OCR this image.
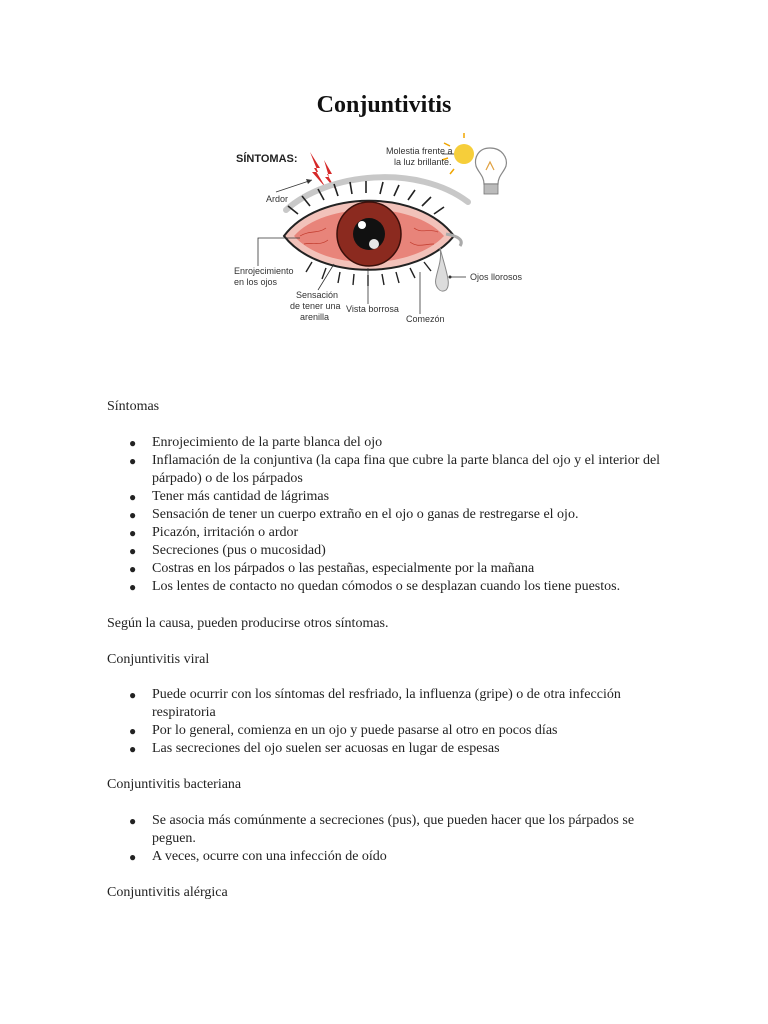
Conjuntivitis
SÍNTOMAS:
Molestia frente a
la luz brillante.
Ardor
Enrojecimiento
en los ojos
Sensación
de tener una
arenilla
Vista borrosa
Comezón
Ojos llorosos
Síntomas
● Enrojecimiento de la parte blanca del ojo
● Inflamación de la conjuntiva (la capa fina que cubre la parte blanca del ojo y el interior del párpado) o de los párpados
● Tener más cantidad de lágrimas
● Sensación de tener un cuerpo extraño en el ojo o ganas de restregarse el ojo.
● Picazón, irritación o ardor
● Secreciones (pus o mucosidad)
● Costras en los párpados o las pestañas, especialmente por la mañana
● Los lentes de contacto no quedan cómodos o se desplazan cuando los tiene puestos.
Según la causa, pueden producirse otros síntomas.
Conjuntivitis viral
● Puede ocurrir con los síntomas del resfriado, la influenza (gripe) o de otra infección respiratoria
● Por lo general, comienza en un ojo y puede pasarse al otro en pocos días
● Las secreciones del ojo suelen ser acuosas en lugar de espesas
Conjuntivitis bacteriana
● Se asocia más comúnmente a secreciones (pus), que pueden hacer que los párpados se peguen.
● A veces, ocurre con una infección de oído
Conjuntivitis alérgica
